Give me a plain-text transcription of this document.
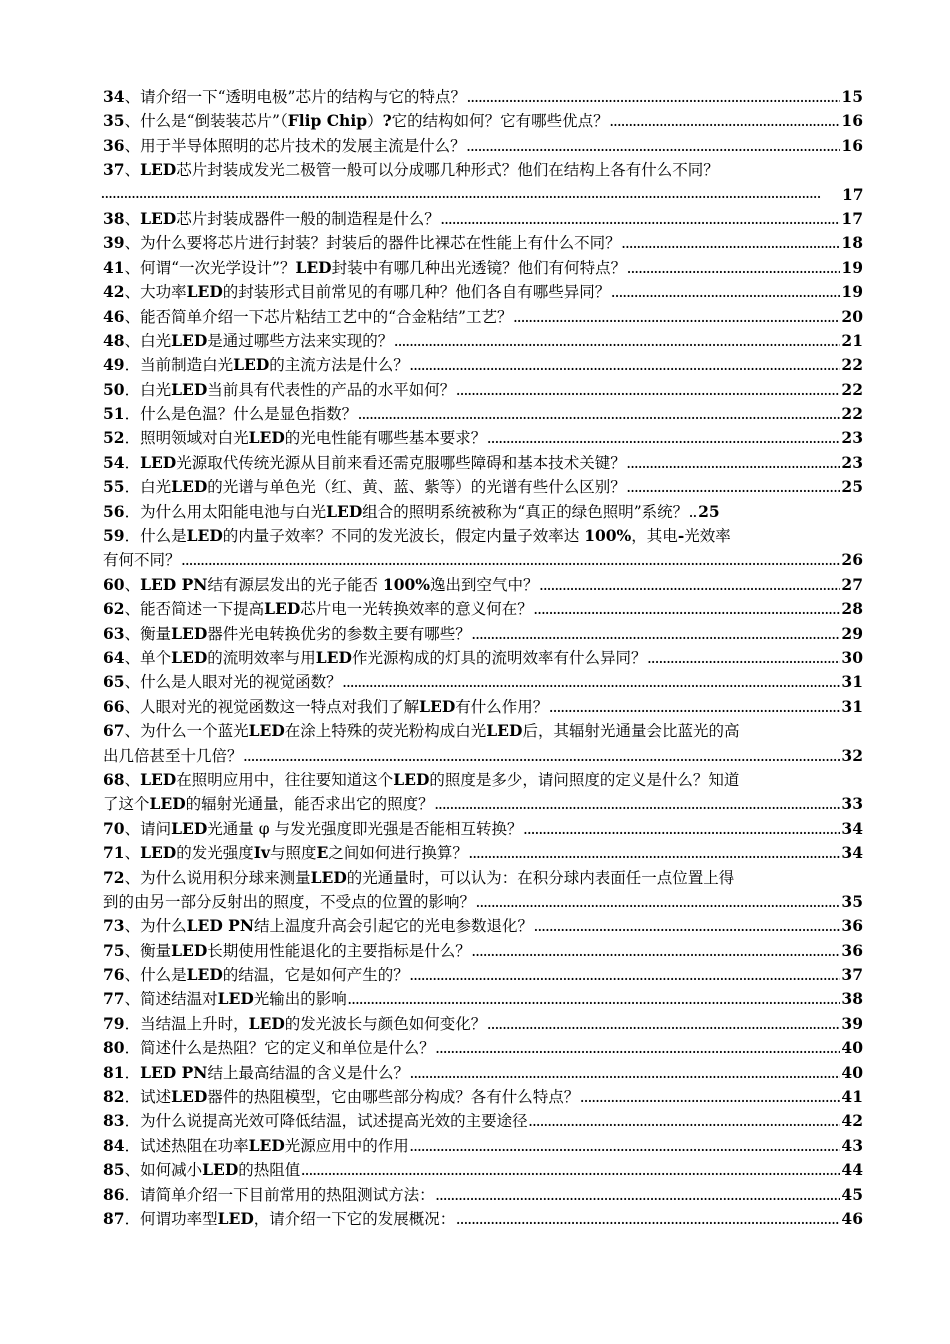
34 、 请介绍一下“透明电极”芯片的结构与它的特点？ .....	15
35 、 什么是“倒装装芯片”（Flip Chip）?它的结构如何？它有哪些优点？ .....	16
36 、 用于半导体照明的芯片技术的发展主流是什么？ .....	16
37 、 LED芯片封装成发光二极管一般可以分成哪几种形式？他们在结构上各有什么不同？
............................................................................................................................................................................................ 17
38 、 LED芯片封装成器件一般的制造程是什么？ .....	17
39 、 为什么要将芯片进行封装？封装后的器件比裸芯在性能上有什么不同？ .....	18
41 、 何谓“一次光学设计”？LED封装中有哪几种出光透镜？他们有何特点？ .....	19
42 、 大功率LED的封装形式目前常见的有哪几种？他们各自有哪些异同？ .....	19
46 、 能否简单介绍一下芯片粘结工艺中的“合金粘结”工艺？ .....	20
48 、 白光LED是通过哪些方法来实现的？ .....	21
49 ． 当前制造白光LED的主流方法是什么？ .....	22
50 ． 白光LED当前具有代表性的产品的水平如何？ .....	22
51 ． 什么是色温？什么是显色指数？ .....	22
52 ． 照明领域对白光LED的光电性能有哪些基本要求？ .....	23
54 ． LED光源取代传统光源从目前来看还需克服哪些障碍和基本技术关键？ .....	23
55 ． 白光LED的光谱与单色光（红、黄、蓝、紫等）的光谱有些什么区别？ .....	25
56 ． 为什么用太阳能电池与白光LED组合的照明系统被称为“真正的绿色照明”系统？ ..... 25
59 ． 什么是LED的内量子效率？不同的发光波长，假定内量子效率达 100%，其电-光效率
有何不同？ .....	26
60 、 LED PN结有源层发出的光子能否 100%逸出到空气中？ .....	27
62 、 能否简述一下提高LED芯片电一光转换效率的意义何在？ .....	28
63 、 衡量LED器件光电转换优劣的参数主要有哪些？ .....	29
64 、 单个LED的流明效率与用LED作光源构成的灯具的流明效率有什么异同？ .....	30
65 、 什么是人眼对光的视觉函数？ .....	31
66 、 人眼对光的视觉函数这一特点对我们了解LED有什么作用？ .....	31
67 、 为什么一个蓝光LED在涂上特殊的荧光粉构成白光LED后，其辐射光通量会比蓝光的高
出几倍甚至十几倍？ .....	32
68 、 LED在照明应用中，往往要知道这个LED的照度是多少，请问照度的定义是什么？知道
了这个LED的辐射光通量，能否求出它的照度？ .....	33
70 、 请问LED光通量 φ 与发光强度即光强是否能相互转换？ .....	34
71 、 LED的发光强度Iv与照度E之间如何进行换算？ .....	34
72 、 为什么说用积分球来测量LED的光通量时，可以认为：在积分球内表面任一点位置上得
到的由另一部分反射出的照度，不受点的位置的影响？ .....	35
73 、 为什么LED PN结上温度升高会引起它的光电参数退化？ .....	36
75 、 衡量LED长期使用性能退化的主要指标是什么？ .....	36
76 、 什么是LED的结温，它是如何产生的？ .....	37
77 、 简述结温对LED光输出的影响 .....	38
79 ． 当结温上升时，LED的发光波长与颜色如何变化？ .....	39
80 ． 简述什么是热阻？它的定义和单位是什么？ .....	40
81 ． LED PN结上最高结温的含义是什么？ .....	40
82 ． 试述LED器件的热阻模型，它由哪些部分构成？各有什么特点？ .....	41
83 ． 为什么说提高光效可降低结温，试述提高光效的主要途径 .....	42
84 ． 试述热阻在功率LED光源应用中的作用 .....	43
85 、 如何减小LED的热阻值 .....	44
86 ． 请简单介绍一下目前常用的热阻测试方法： .....	45
87 ． 何谓功率型LED，请介绍一下它的发展概况： .....	46
